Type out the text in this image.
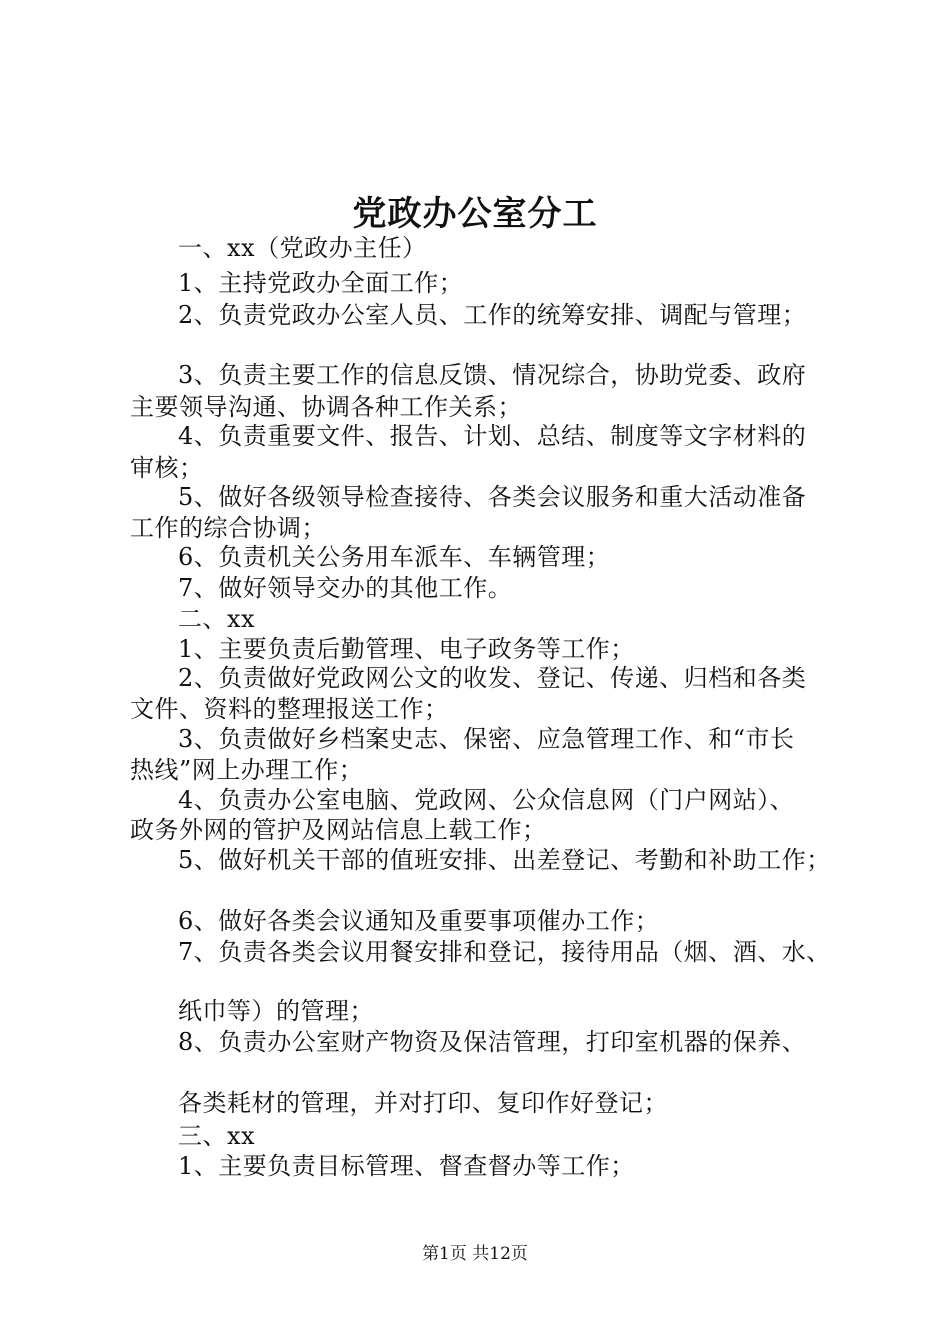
党政办公室分工
一、xx（党政办主任）
1、主持党政办全面工作；
2、负责党政办公室人员、工作的统筹安排、调配与管理；
3、负责主要工作的信息反馈、情况综合，协助党委、政府
主要领导沟通、协调各种工作关系；
4、负责重要文件、报告、计划、总结、制度等文字材料的
审核；
5、做好各级领导检查接待、各类会议服务和重大活动准备
工作的综合协调；
6、负责机关公务用车派车、车辆管理；
7、做好领导交办的其他工作。
二、xx
1、主要负责后勤管理、电子政务等工作；
2、负责做好党政网公文的收发、登记、传递、归档和各类
文件、资料的整理报送工作；
3、负责做好乡档案史志、保密、应急管理工作、和“市长
热线”网上办理工作；
4、负责办公室电脑、党政网、公众信息网（门户网站）、
政务外网的管护及网站信息上载工作；
5、做好机关干部的值班安排、出差登记、考勤和补助工作；
6、做好各类会议通知及重要事项催办工作；
7、负责各类会议用餐安排和登记，接待用品（烟、酒、水、
纸巾等）的管理；
8、负责办公室财产物资及保洁管理，打印室机器的保养、
各类耗材的管理，并对打印、复印作好登记；
三、xx
1、主要负责目标管理、督查督办等工作；
第1页 共12页
